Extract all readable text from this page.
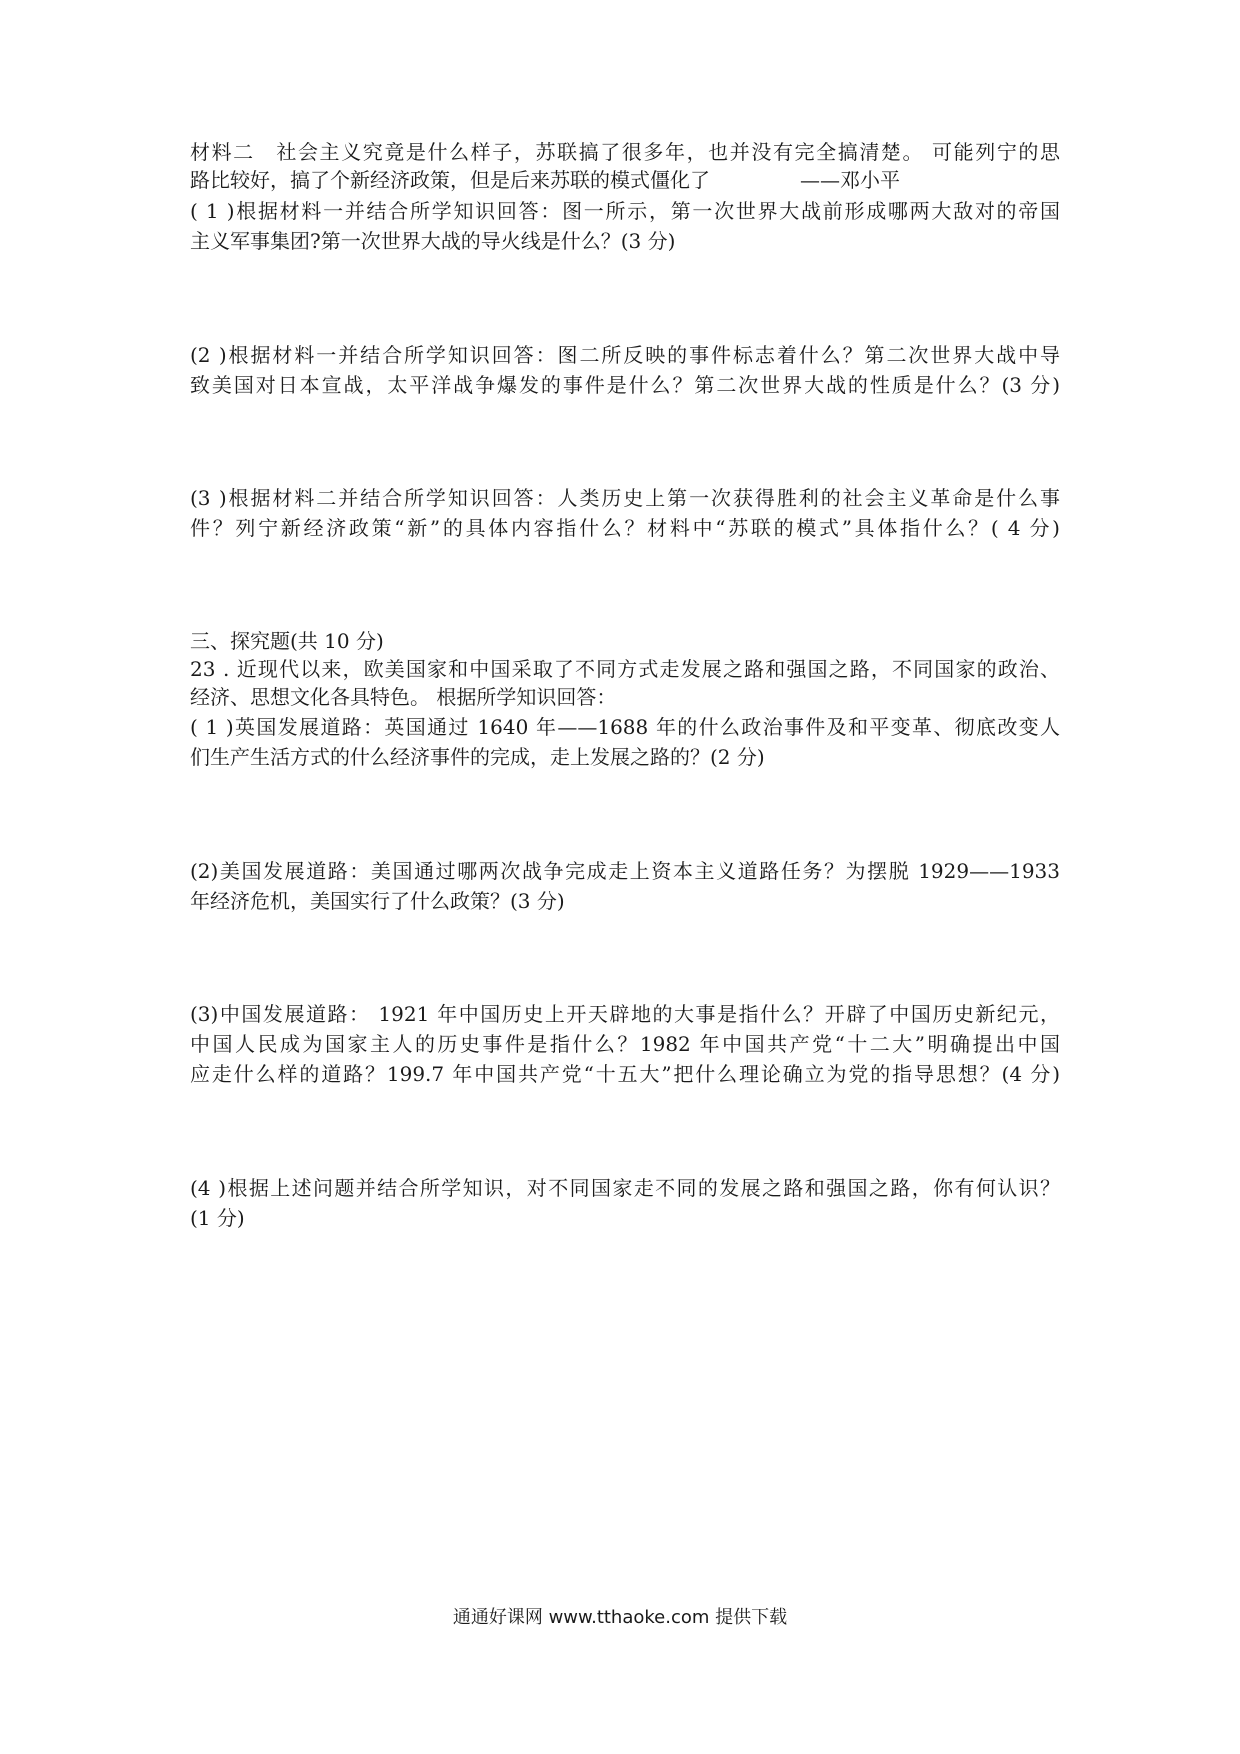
材料二　社会主义究竟是什么样子，苏联搞了很多年，也并没有完全搞清楚。 可能列宁的思
路比较好，搞了个新经济政策，但是后来苏联的模式僵化了	——邓小平
( 1 )根据材料一并结合所学知识回答：图一所示，第一次世界大战前形成哪两大敌对的帝国
主义军事集团?第一次世界大战的导火线是什么？(3 分)
(2 )根据材料一并结合所学知识回答：图二所反映的事件标志着什么？第二次世界大战中导
致美国对日本宣战，太平洋战争爆发的事件是什么？第二次世界大战的性质是什么？(3 分)
(3 )根据材料二并结合所学知识回答：人类历史上第一次获得胜利的社会主义革命是什么事
件？列宁新经济政策“新”的具体内容指什么？材料中“苏联的模式”具体指什么？( 4 分)
三、探究题(共 10 分)
23 . 近现代以来，欧美国家和中国采取了不同方式走发展之路和强国之路，不同国家的政治、
经济、思想文化各具特色。 根据所学知识回答：
( 1 )英国发展道路：英国通过 1640 年——1688 年的什么政治事件及和平变革、彻底改变人
们生产生活方式的什么经济事件的完成，走上发展之路的？(2 分)
(2)美国发展道路：美国通过哪两次战争完成走上资本主义道路任务？为摆脱 1929——1933
年经济危机，美国实行了什么政策？(3 分)
(3)中国发展道路： 1921 年中国历史上开天辟地的大事是指什么？开辟了中国历史新纪元，
中国人民成为国家主人的历史事件是指什么？1982 年中国共产党“十二大”明确提出中国
应走什么样的道路？199.7 年中国共产党“十五大”把什么理论确立为党的指导思想？(4 分)
(4 )根据上述问题并结合所学知识，对不同国家走不同的发展之路和强国之路，你有何认识？
(1 分)
通通好课网 www.tthaoke.com 提供下载
